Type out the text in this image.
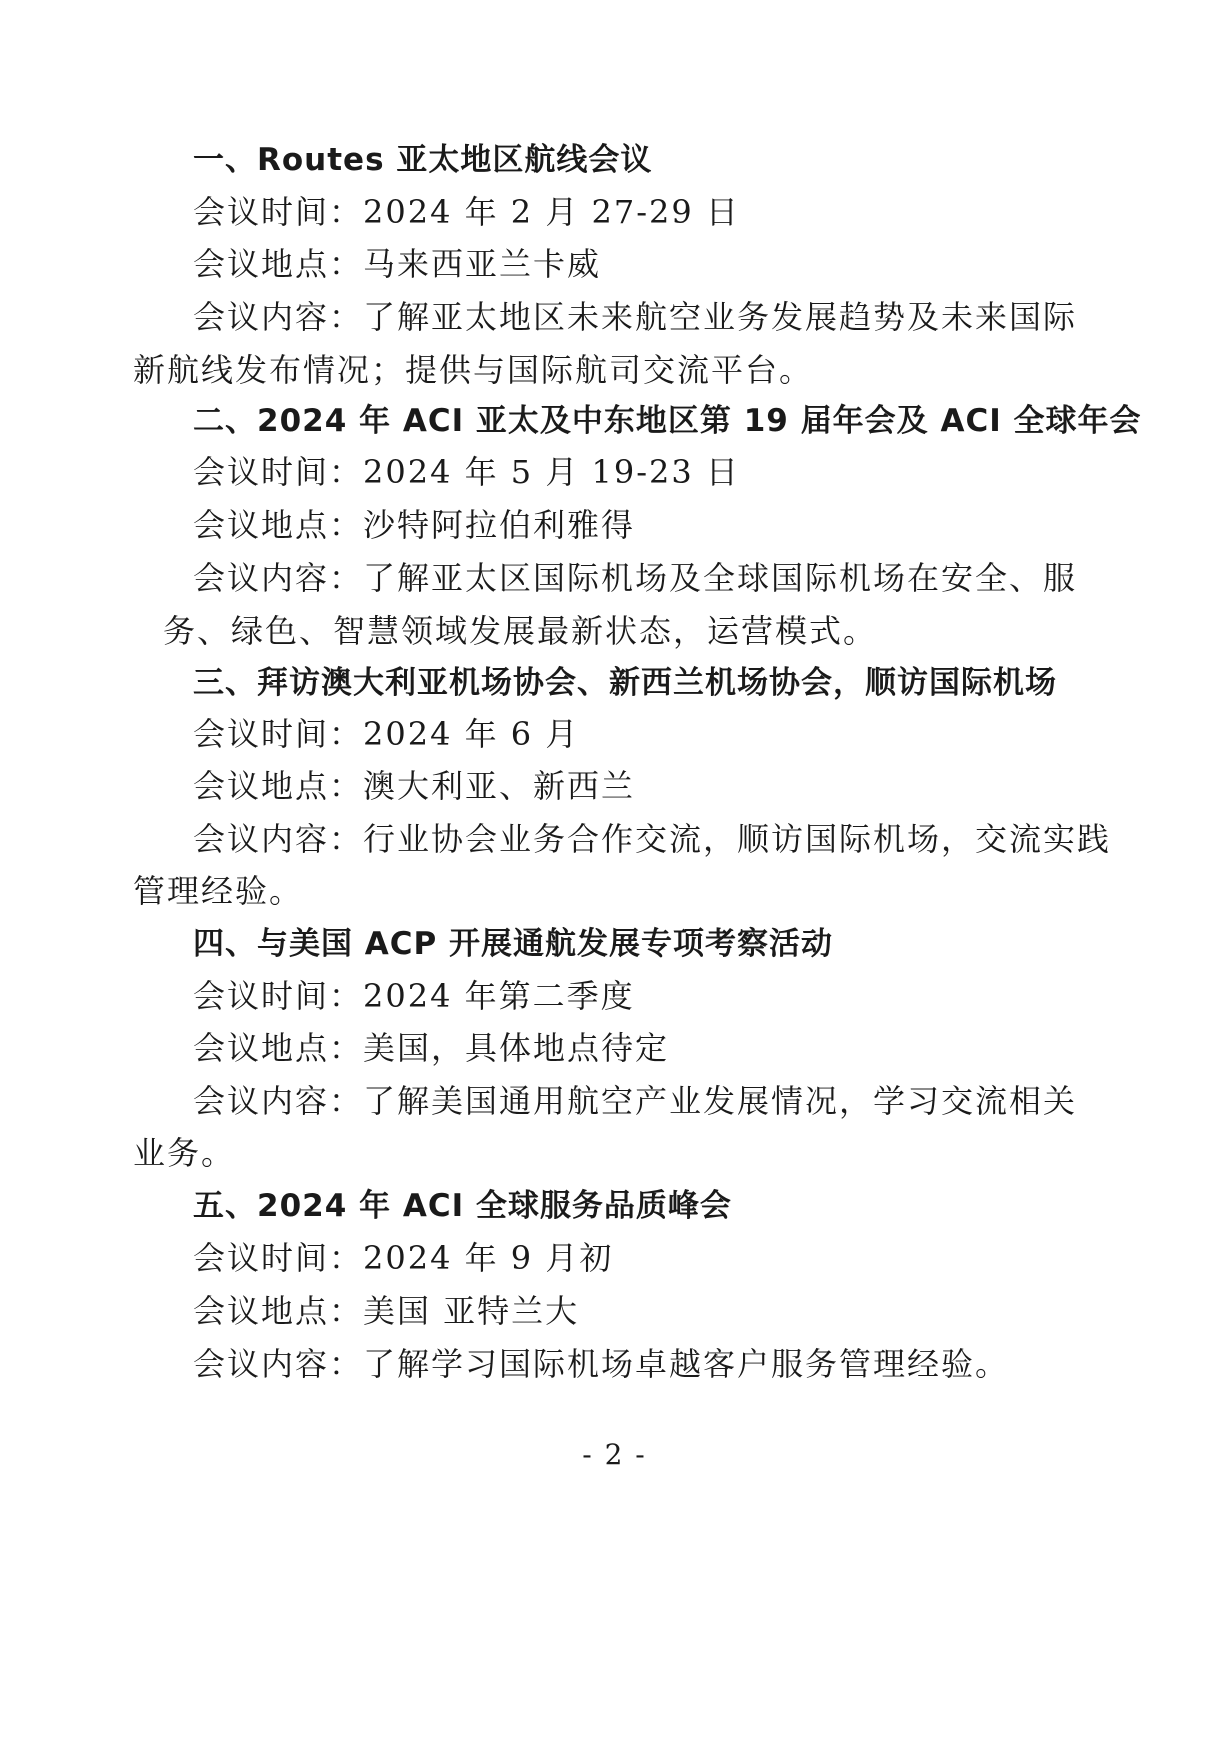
一、Routes 亚太地区航线会议
会议时间：2024 年 2 月 27-29 日
会议地点：马来西亚兰卡威
会议内容：了解亚太地区未来航空业务发展趋势及未来国际
新航线发布情况；提供与国际航司交流平台。
二、2024 年 ACI 亚太及中东地区第 19 届年会及 ACI 全球年会
会议时间：2024 年 5 月 19-23 日
会议地点：沙特阿拉伯利雅得
会议内容：了解亚太区国际机场及全球国际机场在安全、服
务、绿色、智慧领域发展最新状态，运营模式。
三、拜访澳大利亚机场协会、新西兰机场协会，顺访国际机场
会议时间：2024 年 6 月
会议地点：澳大利亚、新西兰
会议内容：行业协会业务合作交流，顺访国际机场，交流实践
管理经验。
四、与美国 ACP 开展通航发展专项考察活动
会议时间：2024 年第二季度
会议地点：美国，具体地点待定
会议内容：了解美国通用航空产业发展情况，学习交流相关
业务。
五、2024 年 ACI 全球服务品质峰会
会议时间：2024 年 9 月初
会议地点：美国 亚特兰大
会议内容：了解学习国际机场卓越客户服务管理经验。
- 2 -
